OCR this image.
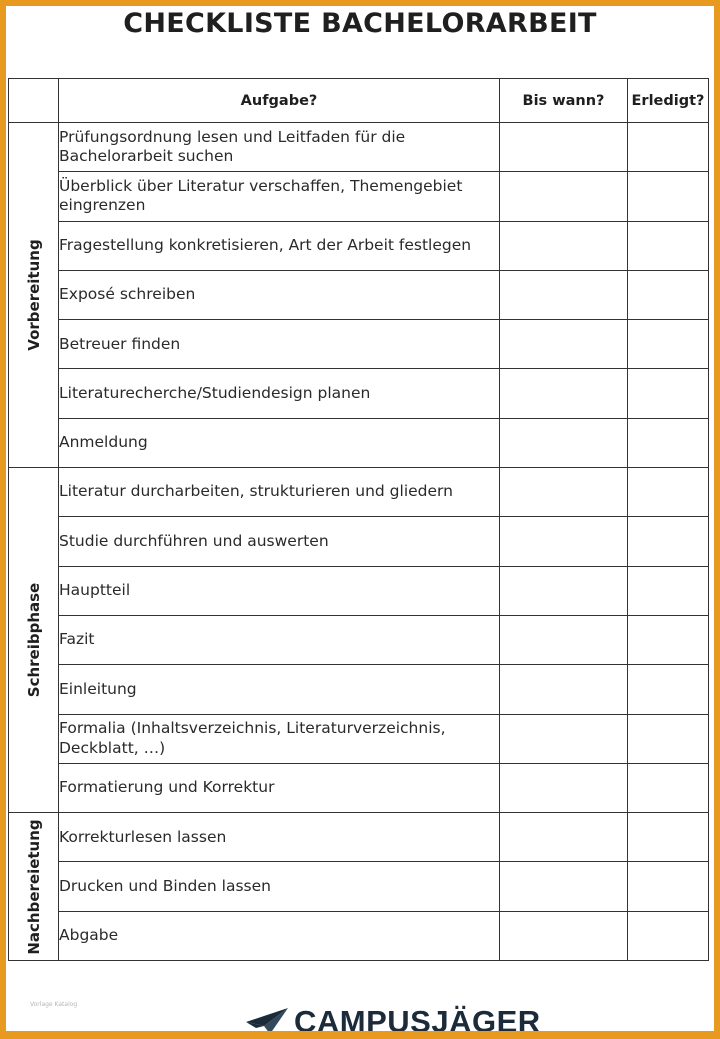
CHECKLISTE BACHELORARBEIT
	Aufgabe?	Bis wann?	Erledigt?

Vorbereitung	Prüfungsordnung lesen und Leitfaden für die Bachelorarbeit suchen		
	Überblick über Literatur verschaffen, Themengebiet eingrenzen		
	Fragestellung konkretisieren, Art der Arbeit festlegen		
	Exposé schreiben		
	Betreuer finden		
	Literaturecherche/Studiendesign planen		
	Anmeldung		

Schreibphase	Literatur durcharbeiten, strukturieren und gliedern		
	Studie durchführen und auswerten		
	Hauptteil		
	Fazit		
	Einleitung		
	Formalia (Inhaltsverzeichnis, Literaturverzeichnis, Deckblatt, …)		
	Formatierung und Korrektur		

Nachbereietung	Korrekturlesen lassen		
	Drucken und Binden lassen		
	Abgabe		
Vorlage Katalog	CAMPUSJÄGER
